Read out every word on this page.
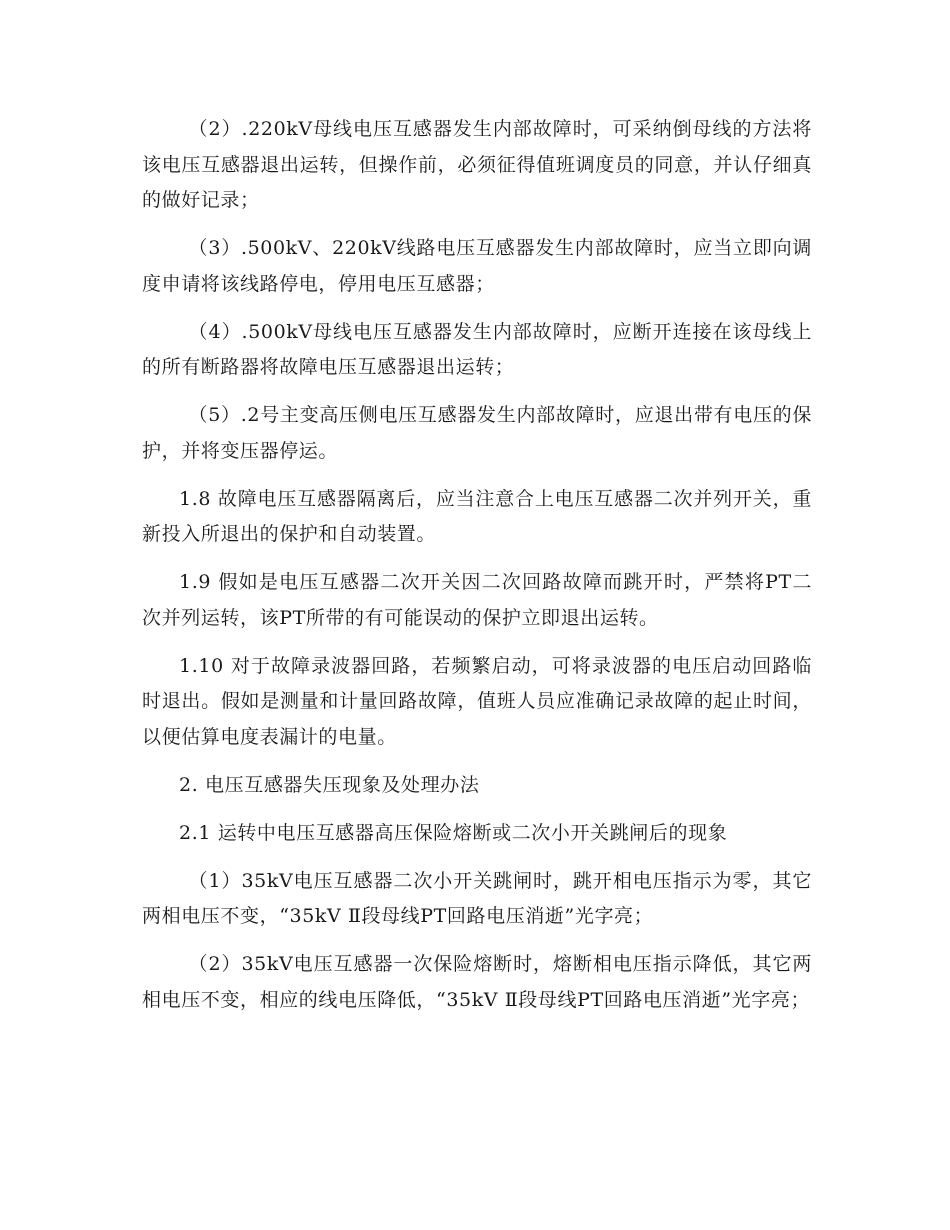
（2）.220kV母线电压互感器发生内部故障时，可采纳倒母线的方法将该电压互感器退出运转，但操作前，必须征得值班调度员的同意，并认仔细真的做好记录；

（3）.500kV、220kV线路电压互感器发生内部故障时，应当立即向调度申请将该线路停电，停用电压互感器；

（4）.500kV母线电压互感器发生内部故障时，应断开连接在该母线上的所有断路器将故障电压互感器退出运转；

（5）.2号主变高压侧电压互感器发生内部故障时，应退出带有电压的保护，并将变压器停运。

1.8 故障电压互感器隔离后，应当注意合上电压互感器二次并列开关，重新投入所退出的保护和自动装置。

1.9 假如是电压互感器二次开关因二次回路故障而跳开时，严禁将PT二次并列运转，该PT所带的有可能误动的保护立即退出运转。

1.10 对于故障录波器回路，若频繁启动，可将录波器的电压启动回路临时退出。假如是测量和计量回路故障，值班人员应准确记录故障的起止时间，以便估算电度表漏计的电量。

2. 电压互感器失压现象及处理办法

2.1 运转中电压互感器高压保险熔断或二次小开关跳闸后的现象

（1）35kV电压互感器二次小开关跳闸时，跳开相电压指示为零，其它两相电压不变，“35kV Ⅱ段母线PT回路电压消逝”光字亮；

（2）35kV电压互感器一次保险熔断时，熔断相电压指示降低，其它两相电压不变，相应的线电压降低，“35kV Ⅱ段母线PT回路电压消逝”光字亮；
